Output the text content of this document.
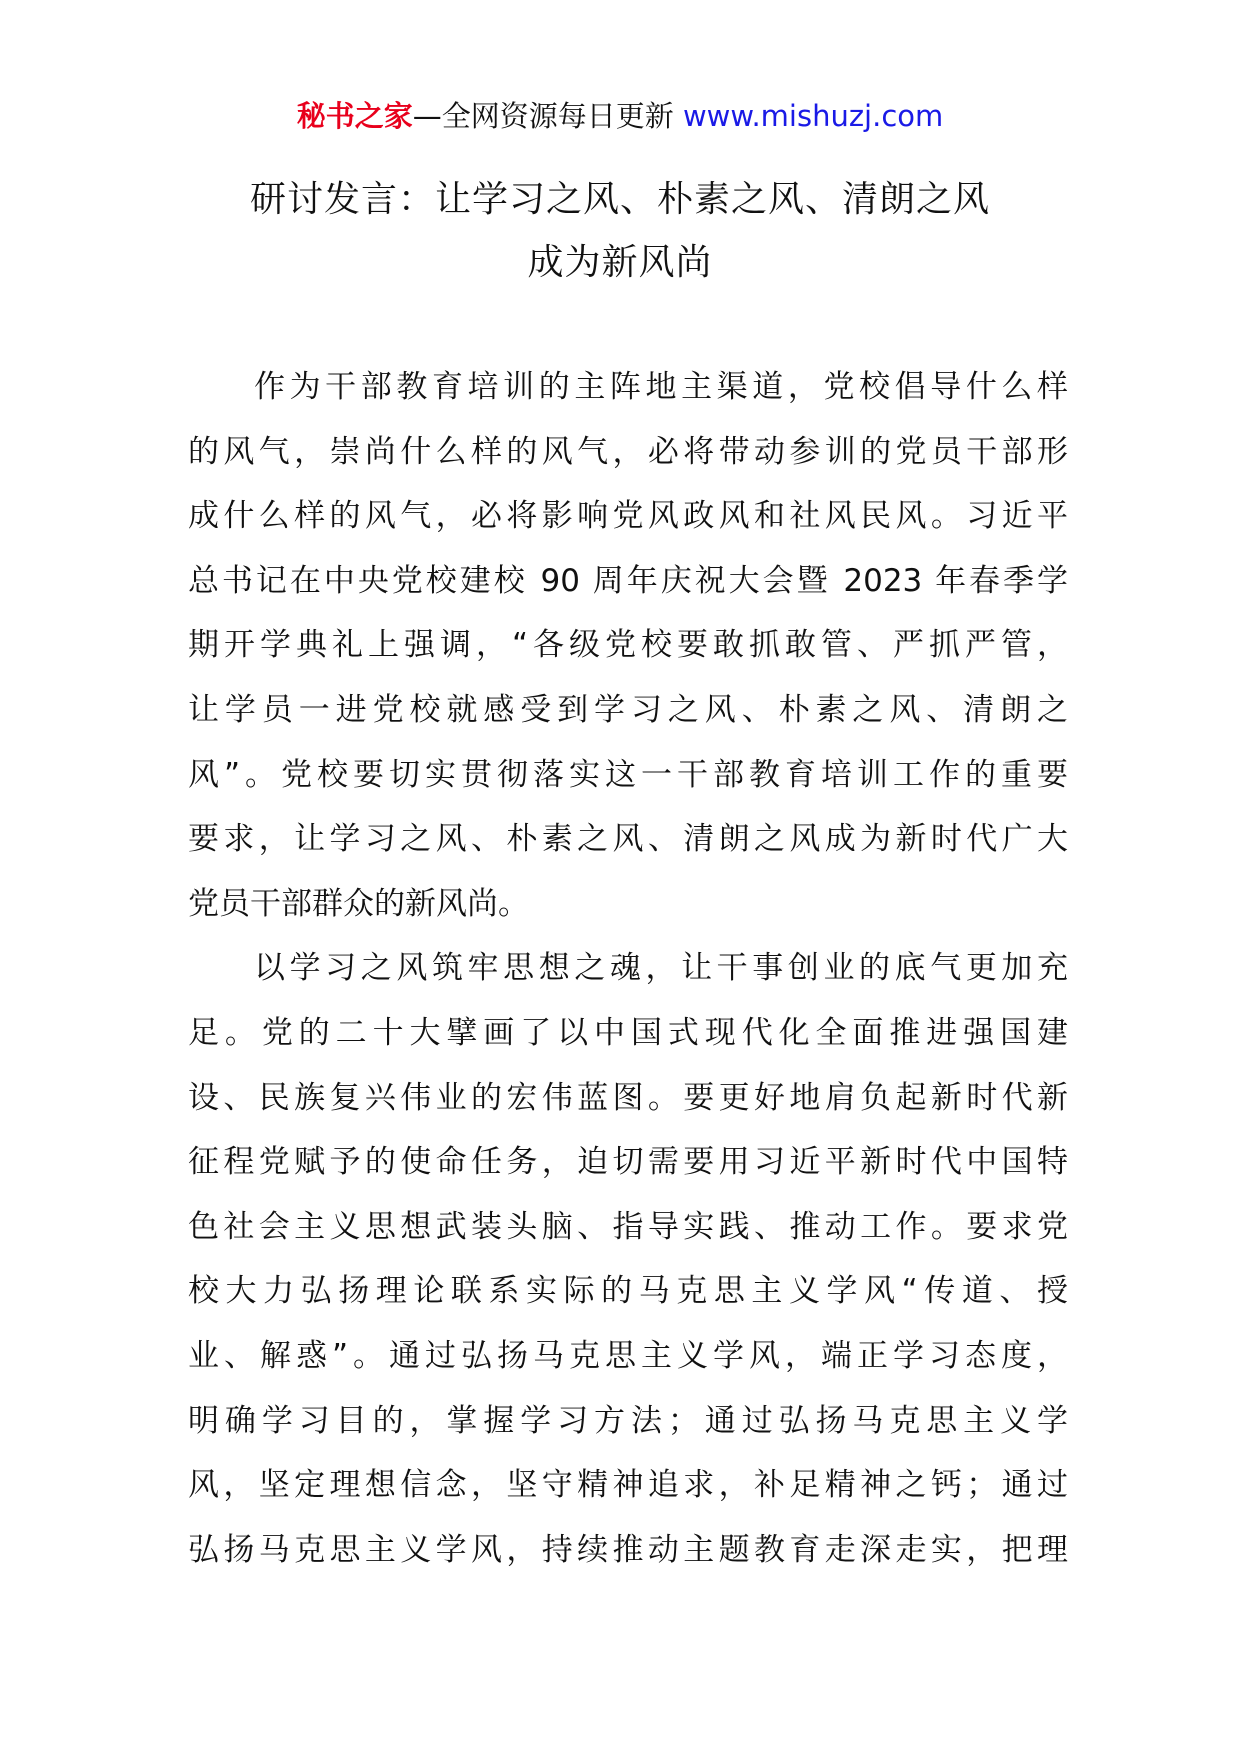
秘书之家—全网资源每日更新 www.mishuzj.com
研讨发言：让学习之风、朴素之风、清朗之风
成为新风尚
作为干部教育培训的主阵地主渠道，党校倡导什么样
的风气，崇尚什么样的风气，必将带动参训的党员干部形
成什么样的风气，必将影响党风政风和社风民风。习近平
总书记在中央党校建校 90 周年庆祝大会暨 2023 年春季学
期开学典礼上强调，“各级党校要敢抓敢管、严抓严管，
让学员一进党校就感受到学习之风、朴素之风、清朗之
风”。党校要切实贯彻落实这一干部教育培训工作的重要
要求，让学习之风、朴素之风、清朗之风成为新时代广大
党员干部群众的新风尚。
以学习之风筑牢思想之魂，让干事创业的底气更加充
足。党的二十大擘画了以中国式现代化全面推进强国建
设、民族复兴伟业的宏伟蓝图。要更好地肩负起新时代新
征程党赋予的使命任务，迫切需要用习近平新时代中国特
色社会主义思想武装头脑、指导实践、推动工作。要求党
校大力弘扬理论联系实际的马克思主义学风“传道、授
业、解惑”。通过弘扬马克思主义学风，端正学习态度，
明确学习目的，掌握学习方法；通过弘扬马克思主义学
风，坚定理想信念，坚守精神追求，补足精神之钙；通过
弘扬马克思主义学风，持续推动主题教育走深走实，把理
